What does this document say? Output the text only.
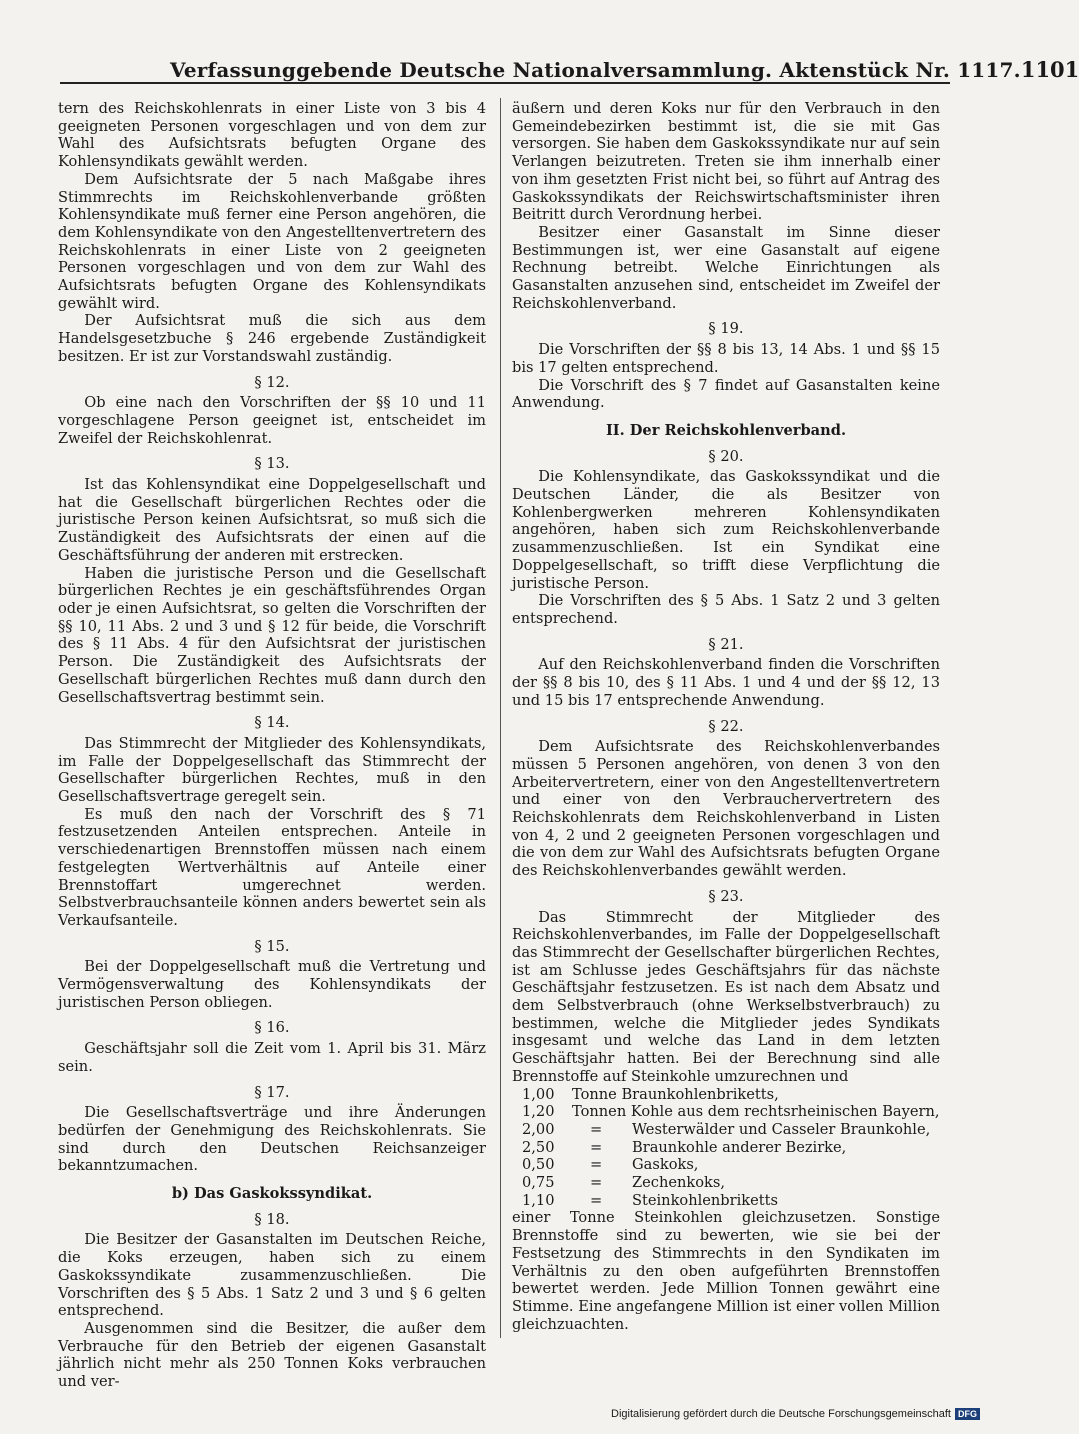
Verfassunggebende Deutsche Nationalversammlung. Aktenstück Nr. 1117. 1101

tern des Reichskohlenrats in einer Liste von 3 bis 4 geeigneten Personen vorgeschlagen und von dem zur Wahl des Aufsichtsrats befugten Organe des Kohlensyndikats gewählt werden.

Dem Aufsichtsrate der 5 nach Maßgabe ihres Stimmrechts im Reichskohlenverbande größten Kohlensyndikate muß ferner eine Person angehören, die dem Kohlensyndikate von den Angestelltenvertretern des Reichskohlenrats in einer Liste von 2 geeigneten Personen vorgeschlagen und von dem zur Wahl des Aufsichtsrats befugten Organe des Kohlensyndikats gewählt wird.

Der Aufsichtsrat muß die sich aus dem Handelsgesetzbuche § 246 ergebende Zuständigkeit besitzen. Er ist zur Vorstandswahl zuständig.

§ 12.

Ob eine nach den Vorschriften der §§ 10 und 11 vorgeschlagene Person geeignet ist, entscheidet im Zweifel der Reichskohlenrat.

§ 13.

Ist das Kohlensyndikat eine Doppelgesellschaft und hat die Gesellschaft bürgerlichen Rechtes oder die juristische Person keinen Aufsichtsrat, so muß sich die Zuständigkeit des Aufsichtsrats der einen auf die Geschäftsführung der anderen mit erstrecken.

Haben die juristische Person und die Gesellschaft bürgerlichen Rechtes je ein geschäftsführendes Organ oder je einen Aufsichtsrat, so gelten die Vorschriften der §§ 10, 11 Abs. 2 und 3 und § 12 für beide, die Vorschrift des § 11 Abs. 4 für den Aufsichtsrat der juristischen Person. Die Zuständigkeit des Aufsichtsrats der Gesellschaft bürgerlichen Rechtes muß dann durch den Gesellschaftsvertrag bestimmt sein.

§ 14.

Das Stimmrecht der Mitglieder des Kohlensyndikats, im Falle der Doppelgesellschaft das Stimmrecht der Gesellschafter bürgerlichen Rechtes, muß in den Gesellschaftsvertrage geregelt sein.

Es muß den nach der Vorschrift des § 71 festzusetzenden Anteilen entsprechen. Anteile in verschiedenartigen Brennstoffen müssen nach einem festgelegten Wertverhältnis auf Anteile einer Brennstoffart umgerechnet werden. Selbstverbrauchsanteile können anders bewertet sein als Verkaufsanteile.

§ 15.

Bei der Doppelgesellschaft muß die Vertretung und Vermögensverwaltung des Kohlensyndikats der juristischen Person obliegen.

§ 16.

Geschäftsjahr soll die Zeit vom 1. April bis 31. März sein.

§ 17.

Die Gesellschaftsverträge und ihre Änderungen bedürfen der Genehmigung des Reichskohlenrats. Sie sind durch den Deutschen Reichsanzeiger bekanntzumachen.

b) Das Gaskokssyndikat.
§ 18.

Die Besitzer der Gasanstalten im Deutschen Reiche, die Koks erzeugen, haben sich zu einem Gaskokssyndikate zusammenzuschließen. Die Vorschriften des § 5 Abs. 1 Satz 2 und 3 und § 6 gelten entsprechend.

Ausgenommen sind die Besitzer, die außer dem Verbrauche für den Betrieb der eigenen Gasanstalt jährlich nicht mehr als 250 Tonnen Koks verbrauchen und ver-

äußern und deren Koks nur für den Verbrauch in den Gemeindebezirken bestimmt ist, die sie mit Gas versorgen. Sie haben dem Gaskokssyndikate nur auf sein Verlangen beizutreten. Treten sie ihm innerhalb einer von ihm gesetzten Frist nicht bei, so führt auf Antrag des Gaskokssyndikats der Reichswirtschaftsminister ihren Beitritt durch Verordnung herbei.

Besitzer einer Gasanstalt im Sinne dieser Bestimmungen ist, wer eine Gasanstalt auf eigene Rechnung betreibt. Welche Einrichtungen als Gasanstalten anzusehen sind, entscheidet im Zweifel der Reichskohlenverband.

§ 19.

Die Vorschriften der §§ 8 bis 13, 14 Abs. 1 und §§ 15 bis 17 gelten entsprechend.

Die Vorschrift des § 7 findet auf Gasanstalten keine Anwendung.

II. Der Reichskohlenverband.
§ 20.

Die Kohlensyndikate, das Gaskokssyndikat und die Deutschen Länder, die als Besitzer von Kohlenbergwerken mehreren Kohlensyndikaten angehören, haben sich zum Reichskohlenverbande zusammenzuschließen. Ist ein Syndikat eine Doppelgesellschaft, so trifft diese Verpflichtung die juristische Person.

Die Vorschriften des § 5 Abs. 1 Satz 2 und 3 gelten entsprechend.

§ 21.

Auf den Reichskohlenverband finden die Vorschriften der §§ 8 bis 10, des § 11 Abs. 1 und 4 und der §§ 12, 13 und 15 bis 17 entsprechende Anwendung.

§ 22.

Dem Aufsichtsrate des Reichskohlenverbandes müssen 5 Personen angehören, von denen 3 von den Arbeitervertretern, einer von den Angestelltenvertretern und einer von den Verbrauchervertretern des Reichskohlenrats dem Reichskohlenverband in Listen von 4, 2 und 2 geeigneten Personen vorgeschlagen und die von dem zur Wahl des Aufsichtsrats befugten Organe des Reichskohlenverbandes gewählt werden.

§ 23.

Das Stimmrecht der Mitglieder des Reichskohlenverbandes, im Falle der Doppelgesellschaft das Stimmrecht der Gesellschafter bürgerlichen Rechtes, ist am Schlusse jedes Geschäftsjahrs für das nächste Geschäftsjahr festzusetzen. Es ist nach dem Absatz und dem Selbstverbrauch (ohne Werkselbstverbrauch) zu bestimmen, welche die Mitglieder jedes Syndikats insgesamt und welche das Land in dem letzten Geschäftsjahr hatten. Bei der Berechnung sind alle Brennstoffe auf Steinkohle umzurechnen und

1,00	Tonne Braunkohlenbriketts,
1,20	Tonnen Kohle aus dem rechtsrheinischen Bayern,
2,00	=	Westerwälder und Casseler Braunkohle,
2,50	=	Braunkohle anderer Bezirke,
0,50	=	Gaskoks,
0,75	=	Zechenkoks,
1,10	=	Steinkohlenbriketts

einer Tonne Steinkohlen gleichzusetzen. Sonstige Brennstoffe sind zu bewerten, wie sie bei der Festsetzung des Stimmrechts in den Syndikaten im Verhältnis zu den oben aufgeführten Brennstoffen bewertet werden. Jede Million Tonnen gewährt eine Stimme. Eine angefangene Million ist einer vollen Million gleichzuachten.

Digitalisierung gefördert durch die Deutsche Forschungsgemeinschaft DFG
